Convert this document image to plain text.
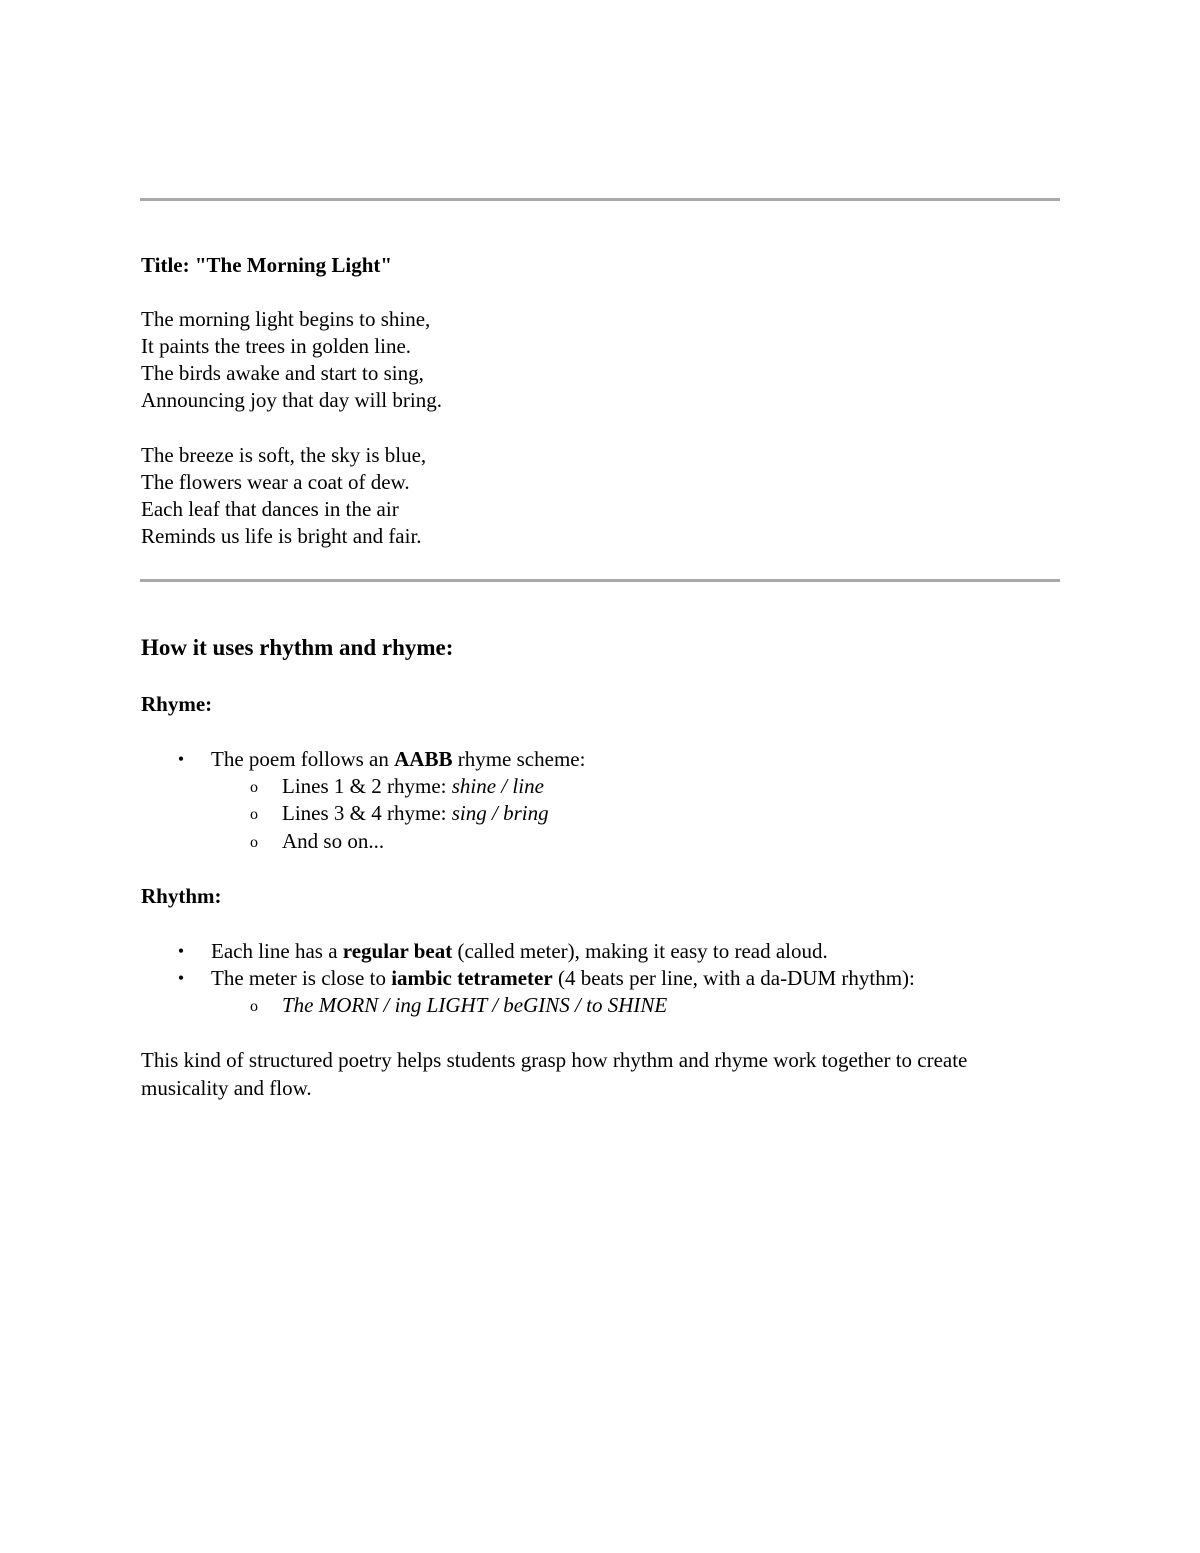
Title: "The Morning Light"
The morning light begins to shine,
It paints the trees in golden line.
The birds awake and start to sing,
Announcing joy that day will bring.
The breeze is soft, the sky is blue,
The flowers wear a coat of dew.
Each leaf that dances in the air
Reminds us life is bright and fair.
How it uses rhythm and rhyme:
Rhyme:
•	The poem follows an AABB rhyme scheme:
o Lines 1 & 2 rhyme: shine / line
o Lines 3 & 4 rhyme: sing / bring
o And so on...
Rhythm:
•	Each line has a regular beat (called meter), making it easy to read aloud.
•	The meter is close to iambic tetrameter (4 beats per line, with a da-DUM rhythm):
o The MORN / ing LIGHT / beGINS / to SHINE
This kind of structured poetry helps students grasp how rhythm and rhyme work together to create musicality and flow.
